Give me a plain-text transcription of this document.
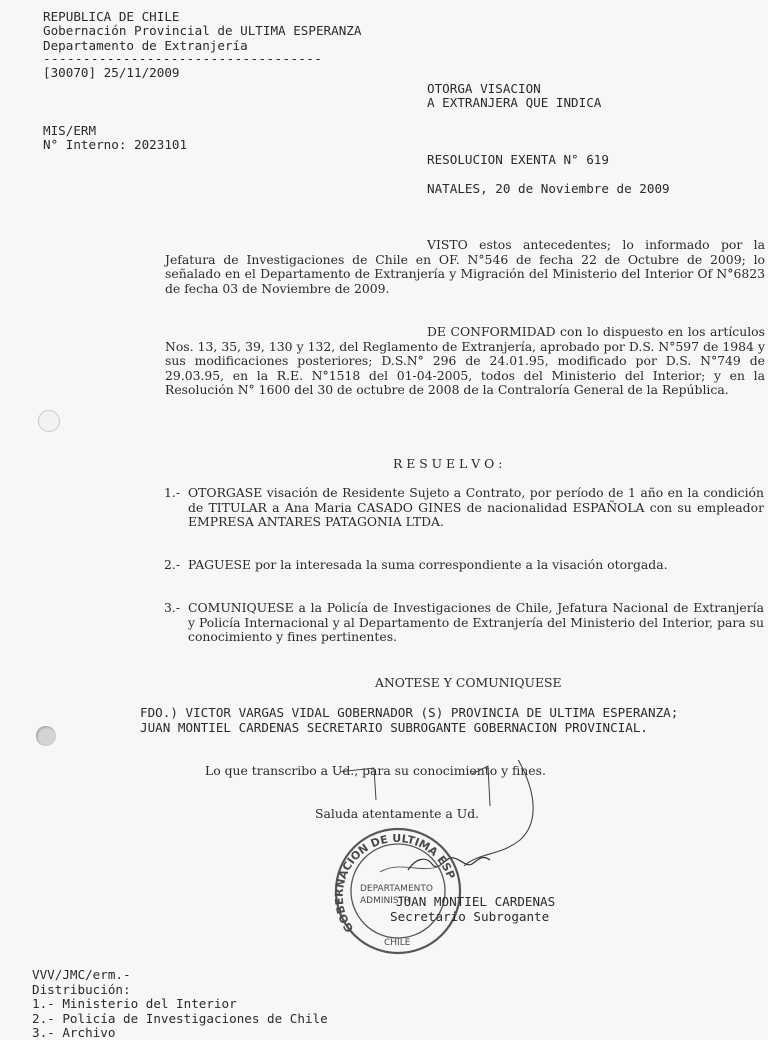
REPUBLICA DE CHILE
Gobernación Provincial de ULTIMA ESPERANZA
Departamento de Extranjería
-----------------------------------
[30070] 25/11/2009
OTORGA VISACION
A EXTRANJERA QUE INDICA
MIS/ERM
N° Interno: 2023101
RESOLUCION EXENTA N° 619
NATALES, 20 de Noviembre de 2009
VISTO estos antecedentes; lo informado por la Jefatura de Investigaciones de Chile en OF. N°546 de fecha 22 de Octubre de 2009; lo señalado en el Departamento de Extranjería y Migración del Ministerio del Interior Of N°6823 de fecha 03 de Noviembre de 2009.
DE CONFORMIDAD con lo dispuesto en los artículos Nos. 13, 35, 39, 130 y 132, del Reglamento de Extranjería, aprobado por D.S. N°597 de 1984 y sus modificaciones posteriores; D.S.N° 296 de 24.01.95, modificado por D.S. N°749 de 29.03.95, en la R.E. N°1518 del 01-04-2005, todos del Ministerio del Interior; y en la Resolución N° 1600 del 30 de octubre de 2008 de la Contraloría General de la República.
R E S U E L V O :
1.- OTORGASE visación de Residente Sujeto a Contrato, por período de 1 año en la condición de TITULAR a Ana Maria CASADO GINES de nacionalidad ESPAÑOLA con su empleador EMPRESA ANTARES PATAGONIA LTDA.
2.- PAGUESE por la interesada la suma correspondiente a la visación otorgada.
3.- COMUNIQUESE a la Policía de Investigaciones de Chile, Jefatura Nacional de Extranjería y Policía Internacional y al Departamento de Extranjería del Ministerio del Interior, para su conocimiento y fines pertinentes.
ANOTESE Y COMUNIQUESE
FDO.) VICTOR VARGAS VIDAL GOBERNADOR (S) PROVINCIA DE ULTIMA ESPERANZA;
JUAN MONTIEL CARDENAS SECRETARIO SUBROGANTE GOBERNACION PROVINCIAL.
Lo que transcribo a Ud., para su conocimiento y fines.
Saluda atentamente a Ud.
GOBERNACION DE ULTIMA ESP
DEPARTAMENTO
ADMINISTR
CHILE
JUAN MONTIEL CARDENAS
Secretario Subrogante
VVV/JMC/erm.-
Distribución:
1.- Ministerio del Interior
2.- Policía de Investigaciones de Chile
3.- Archivo
